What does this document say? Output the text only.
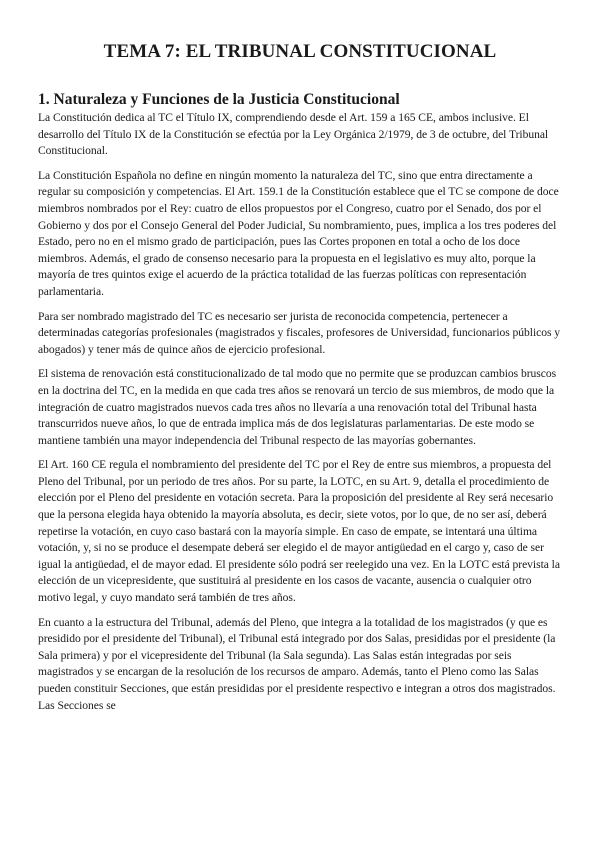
TEMA 7: EL TRIBUNAL CONSTITUCIONAL
1. Naturaleza y Funciones de la Justicia Constitucional

La Constitución dedica al TC el Título IX, comprendiendo desde el Art. 159 a 165 CE, ambos inclusive. El desarrollo del Título IX de la Constitución se efectúa por la Ley Orgánica 2/1979, de 3 de octubre, del Tribunal Constitucional.

La Constitución Española no define en ningún momento la naturaleza del TC, sino que entra directamente a regular su composición y competencias. El Art. 159.1 de la Constitución establece que el TC se compone de doce miembros nombrados por el Rey: cuatro de ellos propuestos por el Congreso, cuatro por el Senado, dos por el Gobierno y dos por el Consejo General del Poder Judicial, Su nombramiento, pues, implica a los tres poderes del Estado, pero no en el mismo grado de participación, pues las Cortes proponen en total a ocho de los doce miembros. Además, el grado de consenso necesario para la propuesta en el legislativo es muy alto, porque la mayoría de tres quintos exige el acuerdo de la práctica totalidad de las fuerzas políticas con representación parlamentaria.

Para ser nombrado magistrado del TC es necesario ser jurista de reconocida competencia, pertenecer a determinadas categorías profesionales (magistrados y fiscales, profesores de Universidad, funcionarios públicos y abogados) y tener más de quince años de ejercicio profesional.

El sistema de renovación está constitucionalizado de tal modo que no permite que se produzcan cambios bruscos en la doctrina del TC, en la medida en que cada tres años se renovará un tercio de sus miembros, de modo que la integración de cuatro magistrados nuevos cada tres años no llevaría a una renovación total del Tribunal hasta transcurridos nueve años, lo que de entrada implica más de dos legislaturas parlamentarias. De este modo se mantiene también una mayor independencia del Tribunal respecto de las mayorías gobernantes.

El Art. 160 CE regula el nombramiento del presidente del TC por el Rey de entre sus miembros, a propuesta del Pleno del Tribunal, por un periodo de tres años. Por su parte, la LOTC, en su Art. 9, detalla el procedimiento de elección por el Pleno del presidente en votación secreta. Para la proposición del presidente al Rey será necesario que la persona elegida haya obtenido la mayoría absoluta, es decir, siete votos, por lo que, de no ser así, deberá repetirse la votación, en cuyo caso bastará con la mayoría simple. En caso de empate, se intentará una última votación, y, si no se produce el desempate deberá ser elegido el de mayor antigüedad en el cargo y, caso de ser igual la antigüedad, el de mayor edad. El presidente sólo podrá ser reelegido una vez. En la LOTC está prevista la elección de un vicepresidente, que sustituirá al presidente en los casos de vacante, ausencia o cualquier otro motivo legal, y cuyo mandato será también de tres años.

En cuanto a la estructura del Tribunal, además del Pleno, que integra a la totalidad de los magistrados (y que es presidido por el presidente del Tribunal), el Tribunal está integrado por dos Salas, presididas por el presidente (la Sala primera) y por el vicepresidente del Tribunal (la Sala segunda). Las Salas están integradas por seis magistrados y se encargan de la resolución de los recursos de amparo. Además, tanto el Pleno como las Salas pueden constituir Secciones, que están presididas por el presidente respectivo e integran a otros dos magistrados. Las Secciones se
